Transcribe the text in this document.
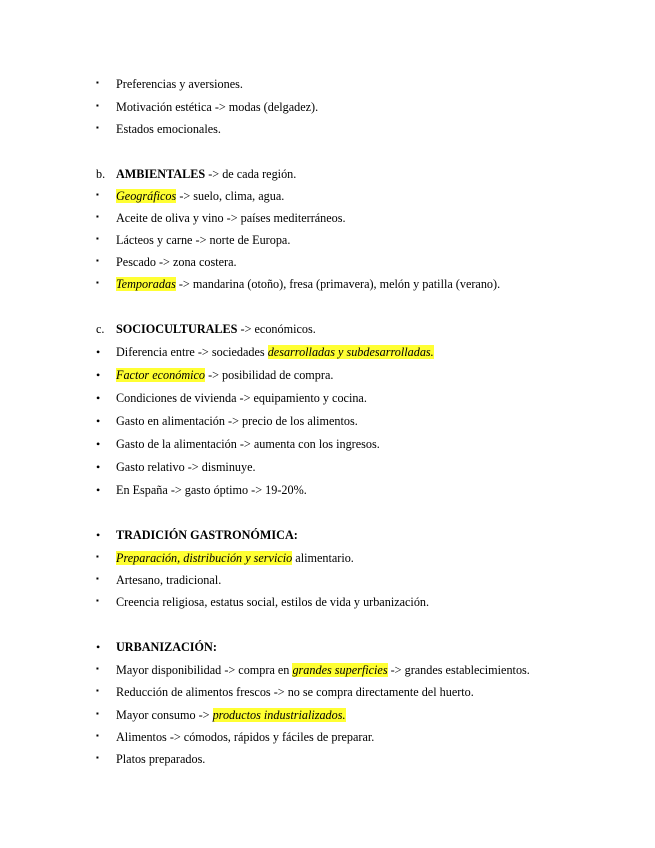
▪ Preferencias y aversiones.
▪ Motivación estética -> modas (delgadez).
▪ Estados emocionales.
b. AMBIENTALES -> de cada región.
▪ Geográficos -> suelo, clima, agua.
▪ Aceite de oliva y vino -> países mediterráneos.
▪ Lácteos y carne -> norte de Europa.
▪ Pescado -> zona costera.
▪ Temporadas -> mandarina (otoño), fresa (primavera), melón y patilla (verano).
c. SOCIOCULTURALES -> económicos.
• Diferencia entre -> sociedades desarrolladas y subdesarrolladas.
• Factor económico -> posibilidad de compra.
• Condiciones de vivienda -> equipamiento y cocina.
• Gasto en alimentación -> precio de los alimentos.
• Gasto de la alimentación -> aumenta con los ingresos.
• Gasto relativo -> disminuye.
• En España -> gasto óptimo -> 19-20%.
• TRADICIÓN GASTRONÓMICA:
▪ Preparación, distribución y servicio alimentario.
▪ Artesano, tradicional.
▪ Creencia religiosa, estatus social, estilos de vida y urbanización.
• URBANIZACIÓN:
▪ Mayor disponibilidad -> compra en grandes superficies -> grandes establecimientos.
▪ Reducción de alimentos frescos -> no se compra directamente del huerto.
▪ Mayor consumo -> productos industrializados.
▪ Alimentos -> cómodos, rápidos y fáciles de preparar.
▪ Platos preparados.
